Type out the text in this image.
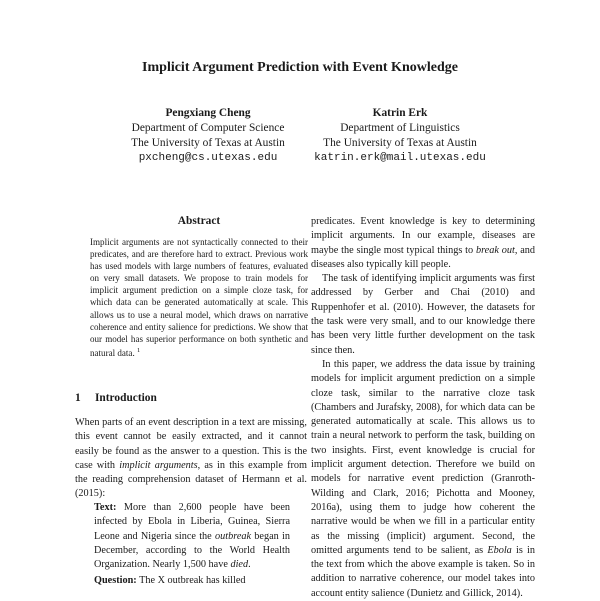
Implicit Argument Prediction with Event Knowledge
Pengxiang Cheng
Department of Computer Science
The University of Texas at Austin
pxcheng@cs.utexas.edu
Katrin Erk
Department of Linguistics
The University of Texas at Austin
katrin.erk@mail.utexas.edu
Abstract

Implicit arguments are not syntactically connected to their predicates, and are therefore hard to extract. Previous work has used models with large numbers of features, evaluated on very small datasets. We propose to train models for implicit argument prediction on a simple cloze task, for which data can be generated automatically at scale. This allows us to use a neural model, which draws on narrative coherence and entity salience for predictions. We show that our model has superior performance on both synthetic and natural data. $^1$

1 Introduction

When parts of an event description in a text are missing, this event cannot be easily extracted, and it cannot easily be found as the answer to a question. This is the case with implicit arguments, as in this example from the reading comprehension dataset of Hermann et al. (2015):

Text: More than 2,600 people have been infected by Ebola in Liberia, Guinea, Sierra Leone and Nigeria since the outbreak began in December, according to the World Health Organization. Nearly 1,500 have died.

Question: The X outbreak has killed

predicates. Event knowledge is key to determining implicit arguments. In our example, diseases are maybe the single most typical things to break out, and diseases also typically kill people.

The task of identifying implicit arguments was first addressed by Gerber and Chai (2010) and Ruppenhofer et al. (2010). However, the datasets for the task were very small, and to our knowledge there has been very little further development on the task since then.

In this paper, we address the data issue by training models for implicit argument prediction on a simple cloze task, similar to the narrative cloze task (Chambers and Jurafsky, 2008), for which data can be generated automatically at scale. This allows us to train a neural network to perform the task, building on two insights. First, event knowledge is crucial for implicit argument detection. Therefore we build on models for narrative event prediction (Granroth-Wilding and Clark, 2016; Pichotta and Mooney, 2016a), using them to judge how coherent the narrative would be when we fill in a particular entity as the missing (implicit) argument. Second, the omitted arguments tend to be salient, as Ebola is in the text from which the above example is taken. So in addition to narrative coherence, our model takes into account entity salience (Dunietz and Gillick, 2014).
